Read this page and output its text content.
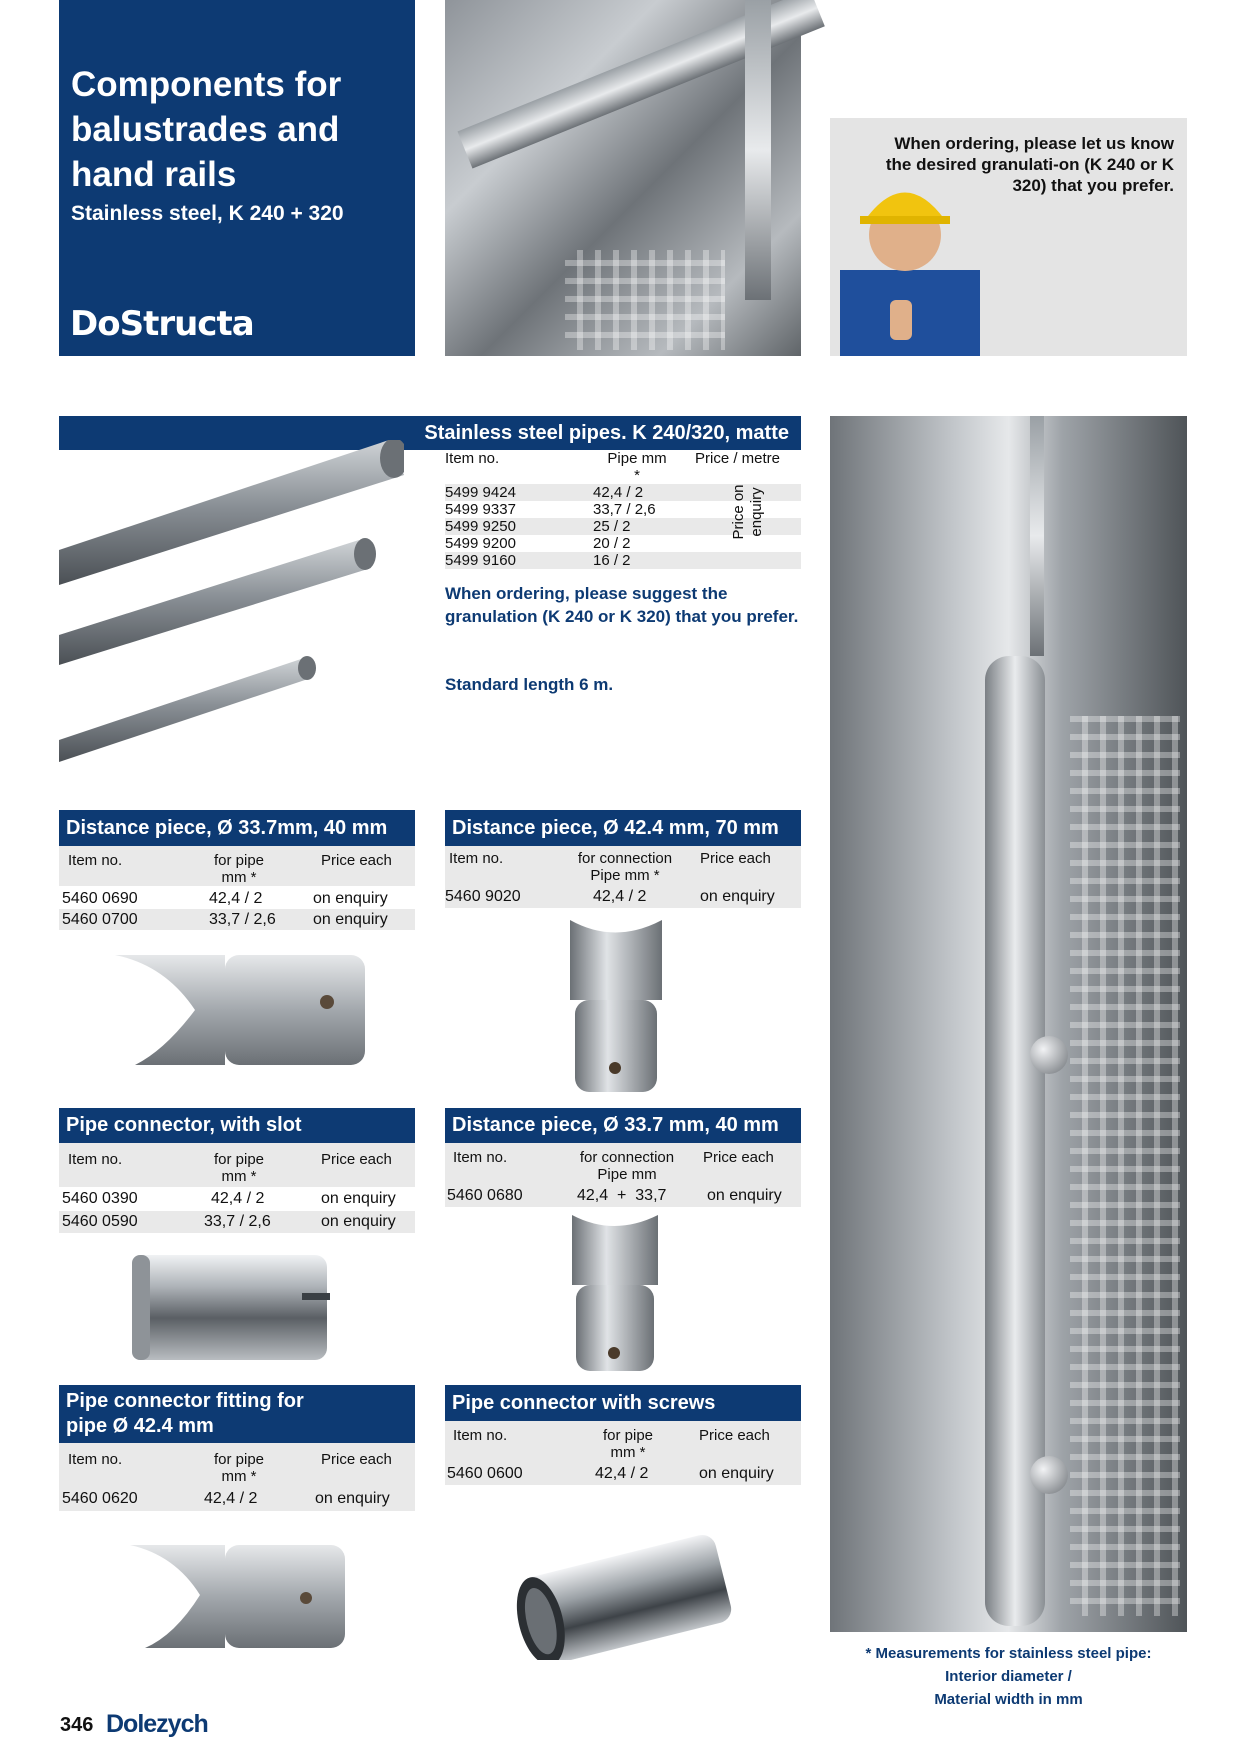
Components for balustrades and hand rails
Stainless steel, K 240 + 320
DoStructa
When ordering, please let us know the desired granulati-on (K 240 or K 320) that you prefer.
Stainless steel pipes. K 240/320, matte
Item no.	Pipe mm *
Price / metre
5499 9424	42,4 / 2
5499 9337	33,7 / 2,6
5499 9250	25 / 2
5499 9200	20 / 2
5499 9160	16 / 2
Price on enquiry
When ordering, please suggest the granulation (K 240 or K 320) that you prefer.
Standard length 6 m.
Distance piece, Ø 33.7mm, 40 mm
Item no.	for pipe mm *
Price each
5460 0690	42,4 / 2	on enquiry
5460 0700	33,7 / 2,6 on enquiry
Distance piece, Ø 42.4 mm, 70 mm
Item no.	for connection Pipe mm *
Price each
5460 9020	42,4 / 2	on enquiry
Pipe connector, with slot
Item no.	for pipe mm *
Price each
5460 0390	42,4 / 2	on enquiry
5460 0590	33,7 / 2,6	on enquiry
Distance piece, Ø 33.7 mm, 40 mm
Item no.	for connection Pipe mm
Price each
5460 0680	42,4  +  33,7	on enquiry
Pipe connector fitting for
pipe Ø 42.4 mm
Item no.	for pipe mm *
Price each
5460 0620	42,4 / 2	on enquiry
Pipe connector with screws
Item no.	for pipe mm *
Price each
5460 0600	42,4 / 2	on enquiry
* Measurements for stainless steel pipe:
Interior diameter /
Material width in mm
346 Dolezych
